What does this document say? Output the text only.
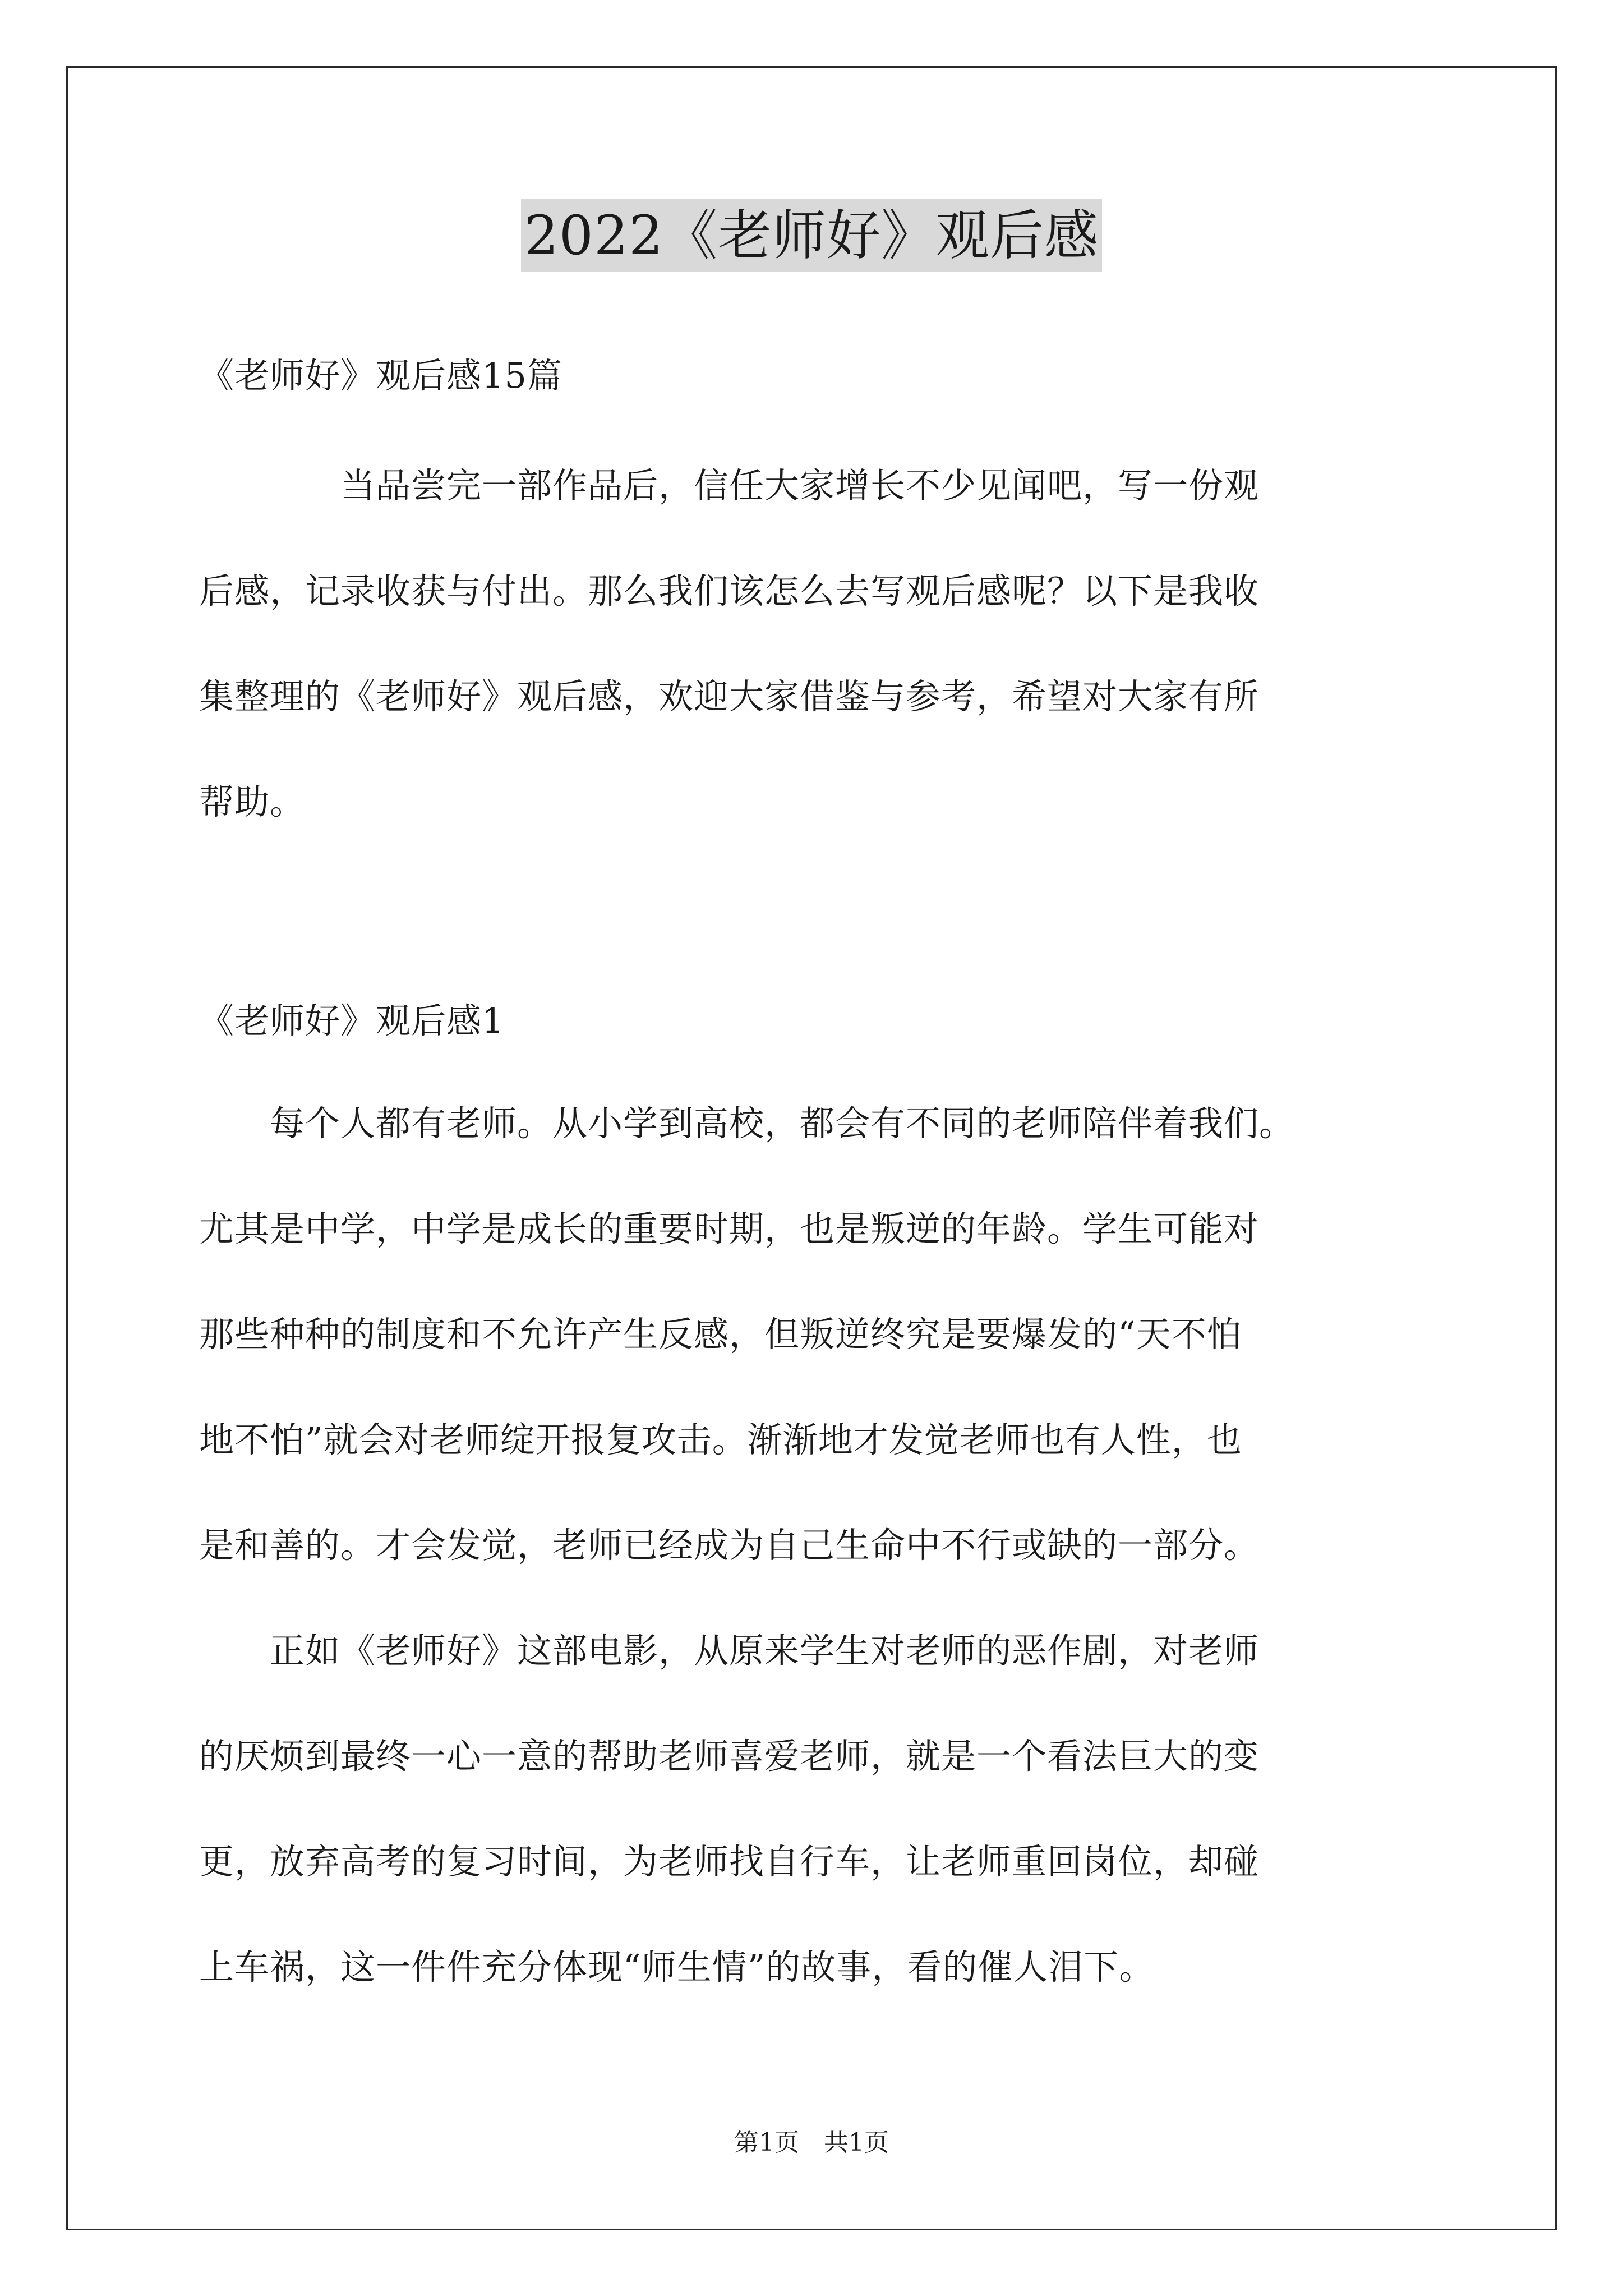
2022《老师好》观后感
《老师好》观后感15篇
　　　　当品尝完一部作品后，信任大家增长不少见闻吧，写一份观
后感，记录收获与付出。那么我们该怎么去写观后感呢？以下是我收
集整理的《老师好》观后感，欢迎大家借鉴与参考，希望对大家有所
帮助。
《老师好》观后感1
　　每个人都有老师。从小学到高校，都会有不同的老师陪伴着我们。
尤其是中学，中学是成长的重要时期，也是叛逆的年龄。学生可能对
那些种种的制度和不允许产生反感，但叛逆终究是要爆发的“天不怕
地不怕”就会对老师绽开报复攻击。渐渐地才发觉老师也有人性，也
是和善的。才会发觉，老师已经成为自己生命中不行或缺的一部分。
　　正如《老师好》这部电影，从原来学生对老师的恶作剧，对老师
的厌烦到最终一心一意的帮助老师喜爱老师，就是一个看法巨大的变
更，放弃高考的复习时间，为老师找自行车，让老师重回岗位，却碰
上车祸，这一件件充分体现“师生情”的故事，看的催人泪下。
第1页　共1页
